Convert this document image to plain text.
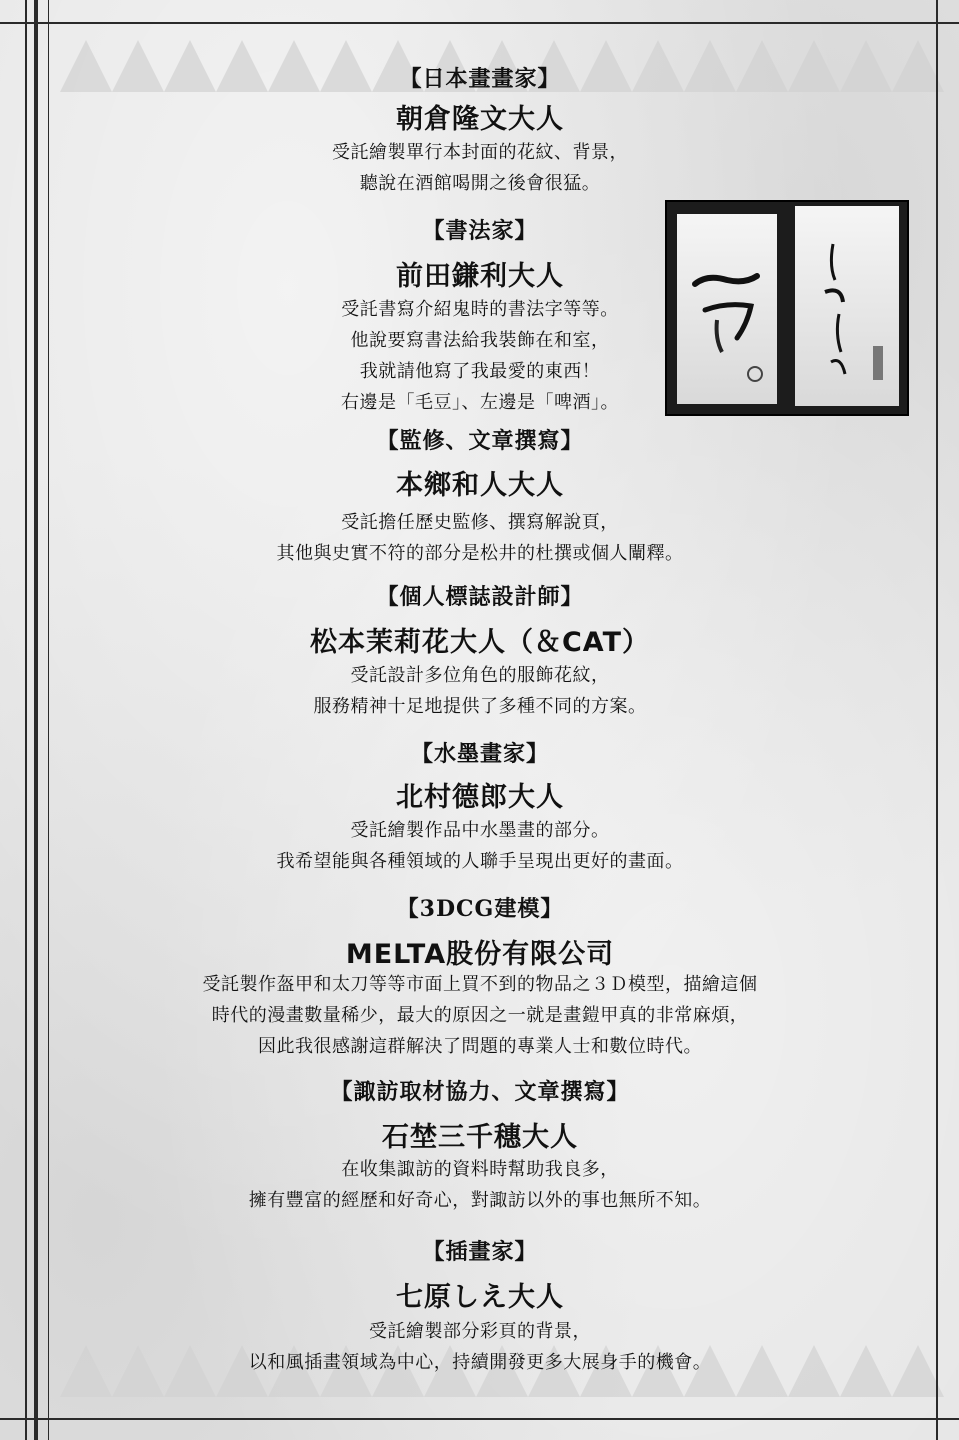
【日本畫畫家】
朝倉隆文大人
受託繪製單行本封面的花紋、背景，
聽說在酒館喝開之後會很猛。
【書法家】
前田鎌利大人
受託書寫介紹鬼時的書法字等等。
他說要寫書法給我裝飾在和室，
我就請他寫了我最愛的東西！
右邊是「毛豆」、左邊是「啤酒」。
【監修、文章撰寫】
本鄉和人大人
受託擔任歷史監修、撰寫解說頁，
其他與史實不符的部分是松井的杜撰或個人闡釋。
【個人標誌設計師】
松本茉莉花大人（＆CAT）
受託設計多位角色的服飾花紋，
服務精神十足地提供了多種不同的方案。
【水墨畫家】
北村德郎大人
受託繪製作品中水墨畫的部分。
我希望能與各種領域的人聯手呈現出更好的畫面。
【3DCG建模】
MELTA股份有限公司
受託製作盔甲和太刀等等市面上買不到的物品之３Ｄ模型，描繪這個
時代的漫畫數量稀少，最大的原因之一就是畫鎧甲真的非常麻煩，
因此我很感謝這群解決了問題的專業人士和數位時代。
【諏訪取材協力、文章撰寫】
石埜三千穗大人
在收集諏訪的資料時幫助我良多，
擁有豐富的經歷和好奇心，對諏訪以外的事也無所不知。
【插畫家】
七原しえ大人
受託繪製部分彩頁的背景，
以和風插畫領域為中心，持續開發更多大展身手的機會。
